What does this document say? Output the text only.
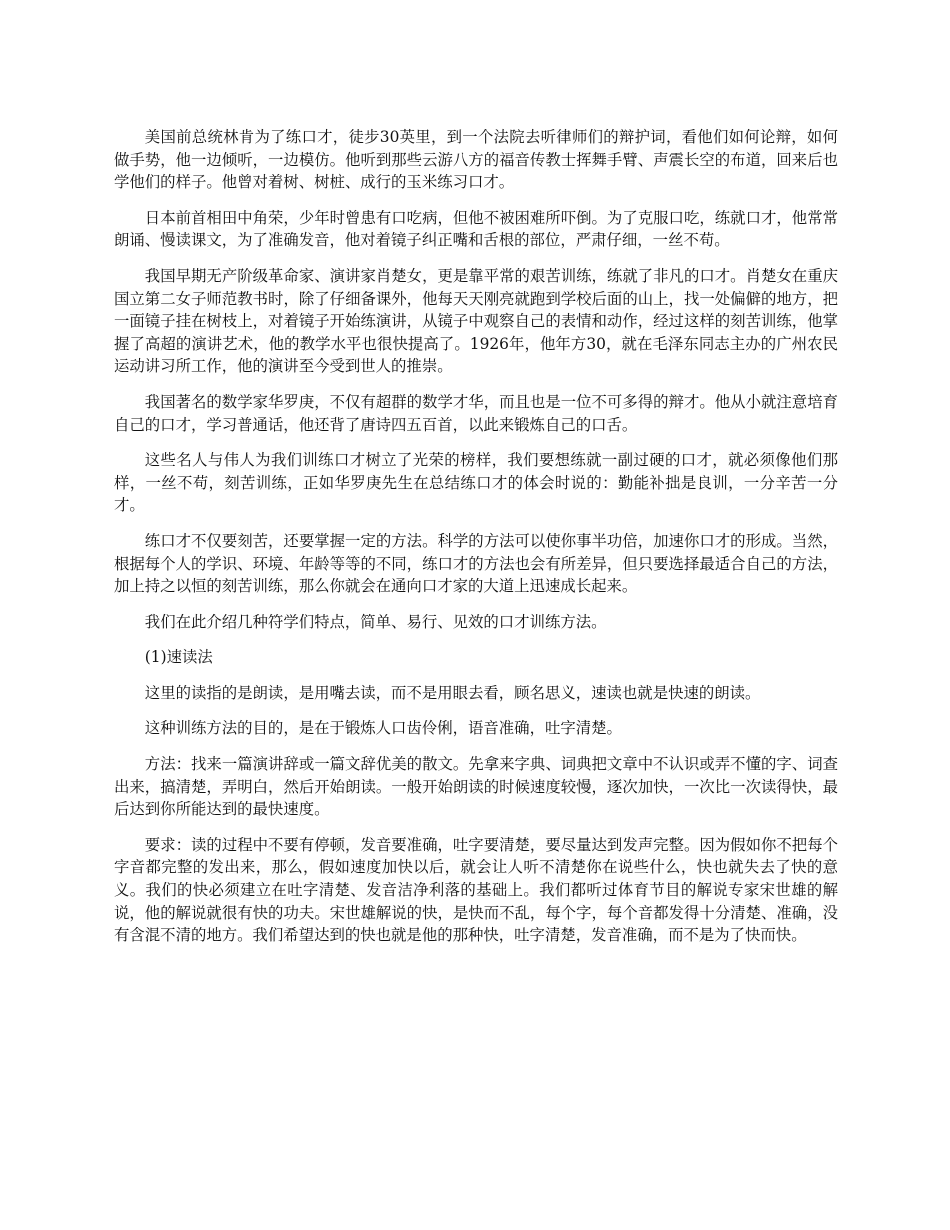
美国前总统林肯为了练口才，徒步30英里，到一个法院去听律师们的辩护词，看他们如何论辩，如何做手势，他一边倾听，一边模仿。他听到那些云游八方的福音传教士挥舞手臂、声震长空的布道，回来后也学他们的样子。他曾对着树、树桩、成行的玉米练习口才。

日本前首相田中角荣，少年时曾患有口吃病，但他不被困难所吓倒。为了克服口吃，练就口才，他常常朗诵、慢读课文，为了准确发音，他对着镜子纠正嘴和舌根的部位，严肃仔细，一丝不苟。

我国早期无产阶级革命家、演讲家肖楚女，更是靠平常的艰苦训练，练就了非凡的口才。肖楚女在重庆国立第二女子师范教书时，除了仔细备课外，他每天天刚亮就跑到学校后面的山上，找一处偏僻的地方，把一面镜子挂在树枝上，对着镜子开始练演讲，从镜子中观察自己的表情和动作，经过这样的刻苦训练，他掌握了高超的演讲艺术，他的教学水平也很快提高了。1926年，他年方30，就在毛泽东同志主办的广州农民运动讲习所工作，他的演讲至今受到世人的推崇。

我国著名的数学家华罗庚，不仅有超群的数学才华，而且也是一位不可多得的辩才。他从小就注意培育自己的口才，学习普通话，他还背了唐诗四五百首，以此来锻炼自己的口舌。

这些名人与伟人为我们训练口才树立了光荣的榜样，我们要想练就一副过硬的口才，就必须像他们那样，一丝不苟，刻苦训练，正如华罗庚先生在总结练口才的体会时说的：勤能补拙是良训，一分辛苦一分才。

练口才不仅要刻苦，还要掌握一定的方法。科学的方法可以使你事半功倍，加速你口才的形成。当然，根据每个人的学识、环境、年龄等等的不同，练口才的方法也会有所差异，但只要选择最适合自己的方法，加上持之以恒的刻苦训练，那么你就会在通向口才家的大道上迅速成长起来。

我们在此介绍几种符学们特点，简单、易行、见效的口才训练方法。

(1)速读法

这里的读指的是朗读，是用嘴去读，而不是用眼去看，顾名思义，速读也就是快速的朗读。

这种训练方法的目的，是在于锻炼人口齿伶俐，语音准确，吐字清楚。

方法：找来一篇演讲辞或一篇文辞优美的散文。先拿来字典、词典把文章中不认识或弄不懂的字、词查出来，搞清楚，弄明白，然后开始朗读。一般开始朗读的时候速度较慢，逐次加快，一次比一次读得快，最后达到你所能达到的最快速度。

要求：读的过程中不要有停顿，发音要准确，吐字要清楚，要尽量达到发声完整。因为假如你不把每个字音都完整的发出来，那么，假如速度加快以后，就会让人听不清楚你在说些什么，快也就失去了快的意义。我们的快必须建立在吐字清楚、发音洁净利落的基础上。我们都听过体育节目的解说专家宋世雄的解说，他的解说就很有快的功夫。宋世雄解说的快，是快而不乱，每个字，每个音都发得十分清楚、准确，没有含混不清的地方。我们希望达到的快也就是他的那种快，吐字清楚，发音准确，而不是为了快而快。
